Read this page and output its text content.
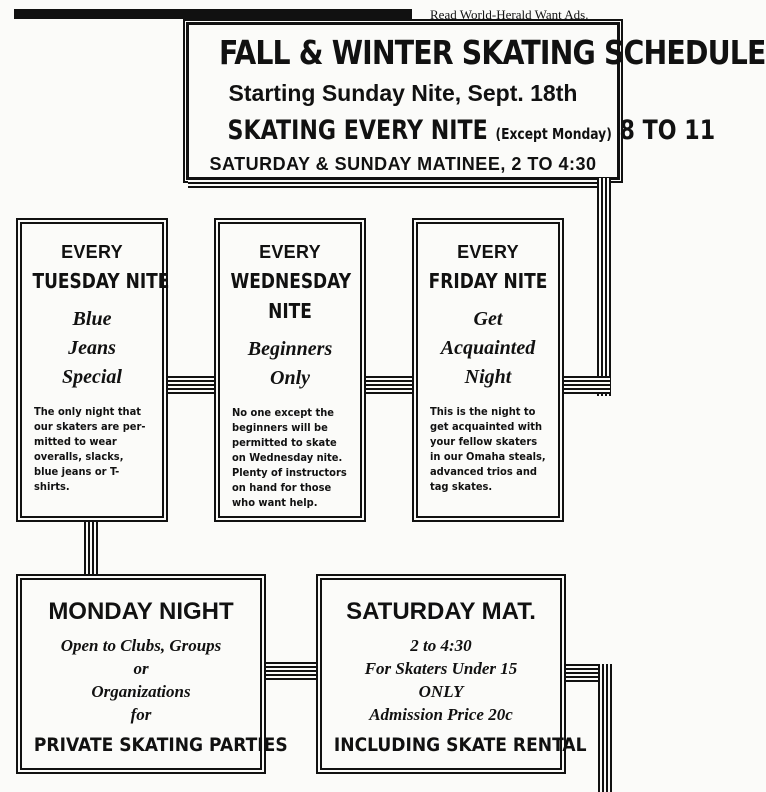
Read World-Herald Want Ads.
FALL & WINTER SKATING SCHEDULE
Starting Sunday Nite, Sept. 18th
SKATING EVERY NITE (Except Monday) 8 TO 11
SATURDAY & SUNDAY MATINEE, 2 TO 4:30
EVERY
TUESDAY NITE
Blue
Jeans
Special
The only night that our skaters are per-mitted to wear overalls, slacks, blue jeans or T-shirts.
EVERY
WEDNESDAY
NITE
Beginners
Only
No one except the beginners will be permitted to skate on Wednesday nite. Plenty of instructors on hand for those who want help.
EVERY
FRIDAY NITE
Get
Acquainted
Night
This is the night to get acquainted with your fellow skaters in our Omaha steals, advanced trios and tag skates.
MONDAY NIGHT
Open to Clubs, Groups
or
Organizations
for
PRIVATE SKATING PARTIES
SATURDAY MAT.
2 to 4:30
For Skaters Under 15
ONLY
Admission Price 20c
INCLUDING SKATE RENTAL
